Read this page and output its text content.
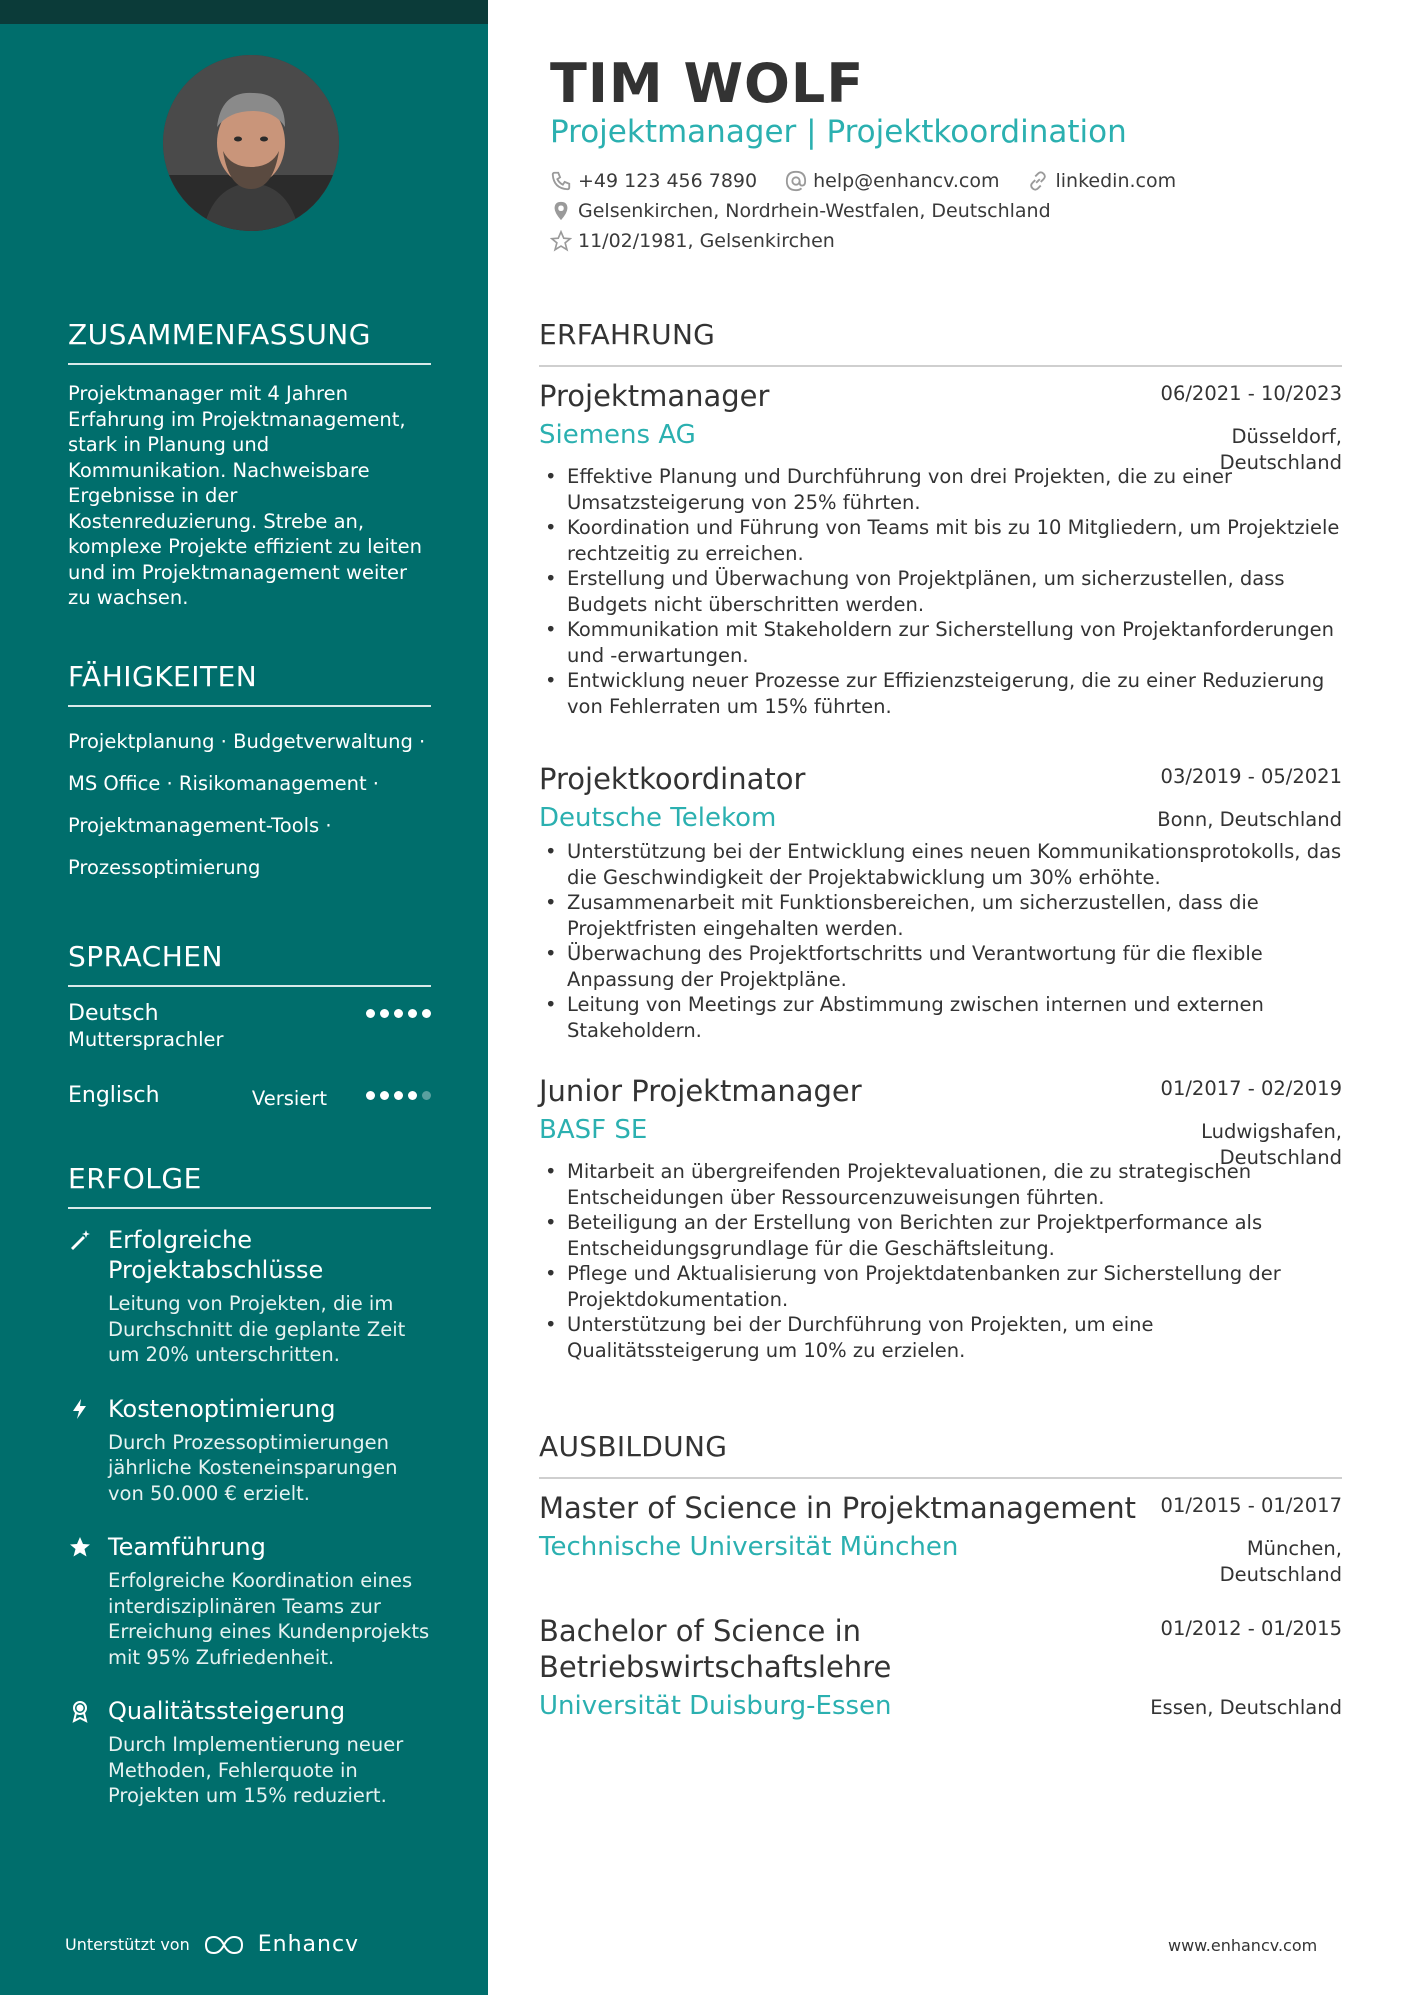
ZUSAMMENFASSUNG
Projektmanager mit 4 Jahren Erfahrung im Projektmanagement, stark in Planung und Kommunikation. Nachweisbare Ergebnisse in der Kostenreduzierung. Strebe an, komplexe Projekte effizient zu leiten und im Projektmanagement weiter zu wachsen.
FÄHIGKEITEN
Projektplanung · Budgetverwaltung ·
MS Office · Risikomanagement ·
Projektmanagement-Tools ·
Prozessoptimierung
SPRACHEN
Deutsch
Muttersprachler
Englisch	Versiert
ERFOLGE
Erfolgreiche Projektabschlüsse
Leitung von Projekten, die im Durchschnitt die geplante Zeit um 20% unterschritten.
Kostenoptimierung
Durch Prozessoptimierungen jährliche Kosteneinsparungen von 50.000 € erzielt.
Teamführung
Erfolgreiche Koordination eines interdisziplinären Teams zur Erreichung eines Kundenprojekts mit 95% Zufriedenheit.
Qualitätssteigerung
Durch Implementierung neuer Methoden, Fehlerquote in Projekten um 15% reduziert.
Unterstützt von	Enhancv
TIM WOLF
Projektmanager | Projektkoordination
+49 123 456 7890	help@enhancv.com	linkedin.com
Gelsenkirchen, Nordrhein-Westfalen, Deutschland
11/02/1981, Gelsenkirchen
ERFAHRUNG
Projektmanager	06/2021 - 10/2023
Siemens AG	Düsseldorf, Deutschland
• Effektive Planung und Durchführung von drei Projekten, die zu einer Umsatzsteigerung von 25% führten.
• Koordination und Führung von Teams mit bis zu 10 Mitgliedern, um Projektziele rechtzeitig zu erreichen.
• Erstellung und Überwachung von Projektplänen, um sicherzustellen, dass Budgets nicht überschritten werden.
• Kommunikation mit Stakeholdern zur Sicherstellung von Projektanforderungen und -erwartungen.
• Entwicklung neuer Prozesse zur Effizienzsteigerung, die zu einer Reduzierung von Fehlerraten um 15% führten.
Projektkoordinator	03/2019 - 05/2021
Deutsche Telekom	Bonn, Deutschland
• Unterstützung bei der Entwicklung eines neuen Kommunikationsprotokolls, das die Geschwindigkeit der Projektabwicklung um 30% erhöhte.
• Zusammenarbeit mit Funktionsbereichen, um sicherzustellen, dass die Projektfristen eingehalten werden.
• Überwachung des Projektfortschritts und Verantwortung für die flexible Anpassung der Projektpläne.
• Leitung von Meetings zur Abstimmung zwischen internen und externen Stakeholdern.
Junior Projektmanager	01/2017 - 02/2019
BASF SE	Ludwigshafen, Deutschland
• Mitarbeit an übergreifenden Projektevaluationen, die zu strategischen Entscheidungen über Ressourcenzuweisungen führten.
• Beteiligung an der Erstellung von Berichten zur Projektperformance als Entscheidungsgrundlage für die Geschäftsleitung.
• Pflege und Aktualisierung von Projektdatenbanken zur Sicherstellung der Projektdokumentation.
• Unterstützung bei der Durchführung von Projekten, um eine Qualitätssteigerung um 10% zu erzielen.
AUSBILDUNG
Master of Science in Projektmanagement	01/2015 - 01/2017
Technische Universität München	München, Deutschland
Bachelor of Science in Betriebswirtschaftslehre
01/2012 - 01/2015
Universität Duisburg-Essen	Essen, Deutschland
www.enhancv.com
